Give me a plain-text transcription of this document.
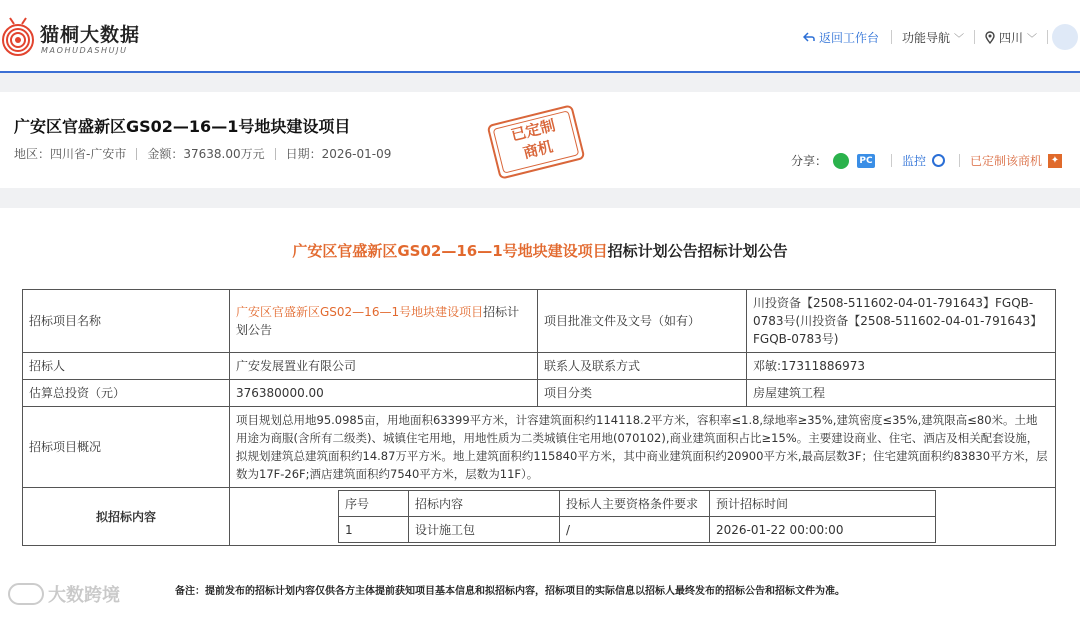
猫桐大数据
MAOHUDASHUJU
返回工作台 功能导航 ﹀	四川 ﹀
广安区官盛新区GS02—16—1号地块建设项目
地区：四川省-广安市 金额：37638.00万元 日期：2026-01-09
已定制商机	分享：	PC 监控	已定制该商机 ✦
广安区官盛新区GS02—16—1号地块建设项目招标计划公告招标计划公告
招标项目名称	广安区官盛新区GS02—16—1号地块建设项目招标计划公告	项目批准文件及文号（如有）	川投资备【2508-511602-04-01-791643】FGQB-0783号(川投资备【2508-511602-04-01-791643】FGQB-0783号)
招标人	广安发展置业有限公司	联系人及联系方式	邓敏:17311886973
估算总投资（元）	376380000.00	项目分类	房屋建筑工程
招标项目概况	项目规划总用地95.0985亩，用地面积63399平方米，计容建筑面积约114118.2平方米，容积率≤1.8,绿地率≥35%,建筑密度≤35%,建筑限高≤80米。土地用途为商服(含所有二级类)、城镇住宅用地，用地性质为二类城镇住宅用地(070102),商业建筑面积占比≥15%。主要建设商业、住宅、酒店及相关配套设施，拟规划建筑总建筑面积约14.87万平方米。地上建筑面积约115840平方米，其中商业建筑面积约20900平方米,最高层数3F；住宅建筑面积约83830平方米，层数为17F-26F;酒店建筑面积约7540平方米，层数为11F）。
拟招标内容	
序号	招标内容	投标人主要资格条件要求	预计招标时间
1	设计施工包	/	2026-01-22 00:00:00
大数跨境	备注：提前发布的招标计划内容仅供各方主体提前获知项目基本信息和拟招标内容，招标项目的实际信息以招标人最终发布的招标公告和招标文件为准。
